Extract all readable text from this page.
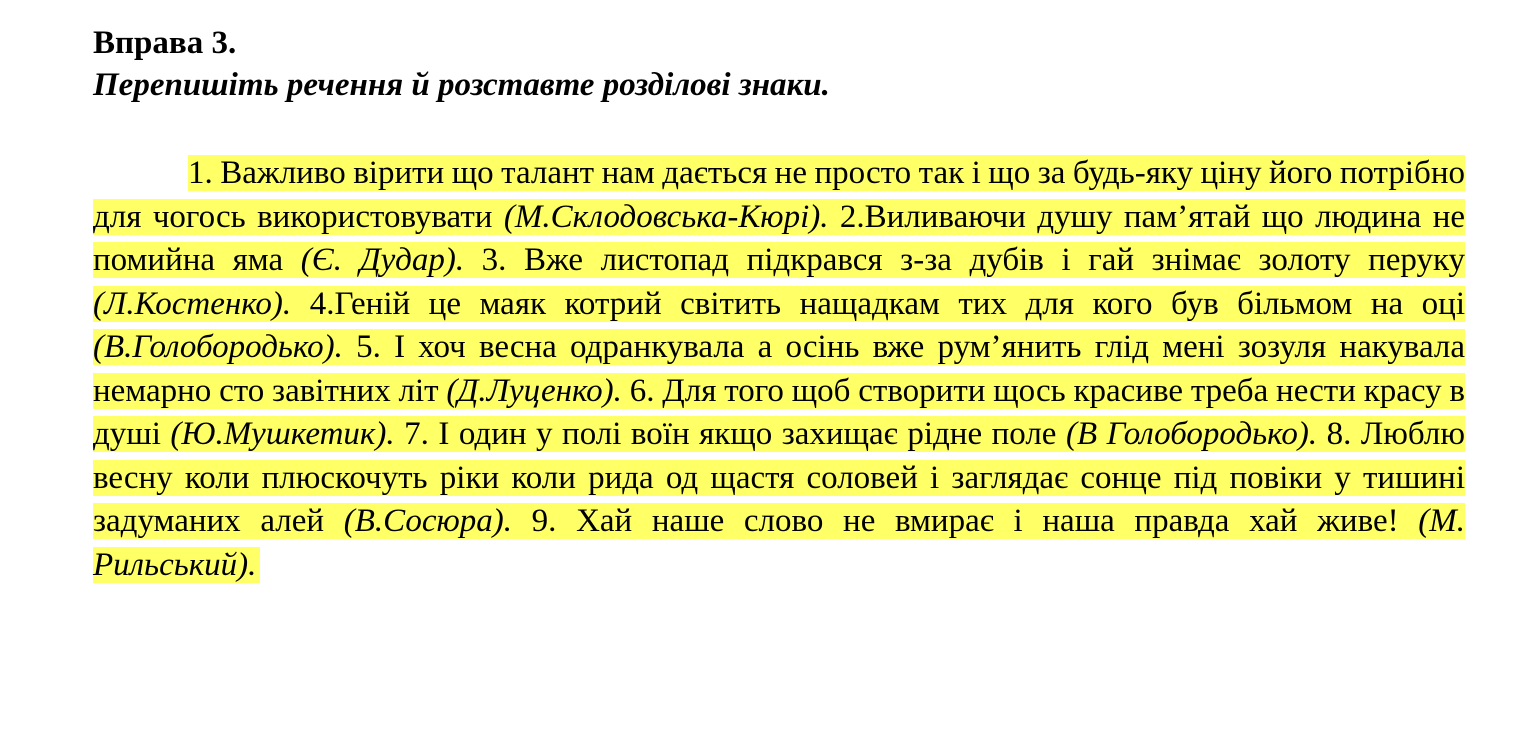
Вправа 3.

Перепишіть речення й розставте розділові знаки.

1. Важливо вірити що талант нам дається не просто так і що за будь-яку ціну його потрібно для чогось використовувати (М.Склодовська-Кюрі). 2.Виливаючи душу пам’ятай що людина не помийна яма (Є. Дудар). 3. Вже листопад підкрався з-за дубів і гай знімає золоту перуку (Л.Костенко). 4.Геній це маяк котрий світить нащадкам тих для кого був більмом на оці (В.Голобородько). 5. І хоч весна одранкувала а осінь вже рум’янить глід мені зозуля накувала немарно сто завітних літ (Д.Луценко). 6. Для того щоб створити щось красиве треба нести красу в душі (Ю.Мушкетик). 7. І один у полі воїн якщо захищає рідне поле (В Голобородько). 8. Люблю весну коли плюскочуть ріки коли рида од щастя соловей і заглядає сонце під повіки у тишині задуманих алей (В.Сосюра). 9. Хай наше слово не вмирає і наша правда хай живе! (М. Рильський).
